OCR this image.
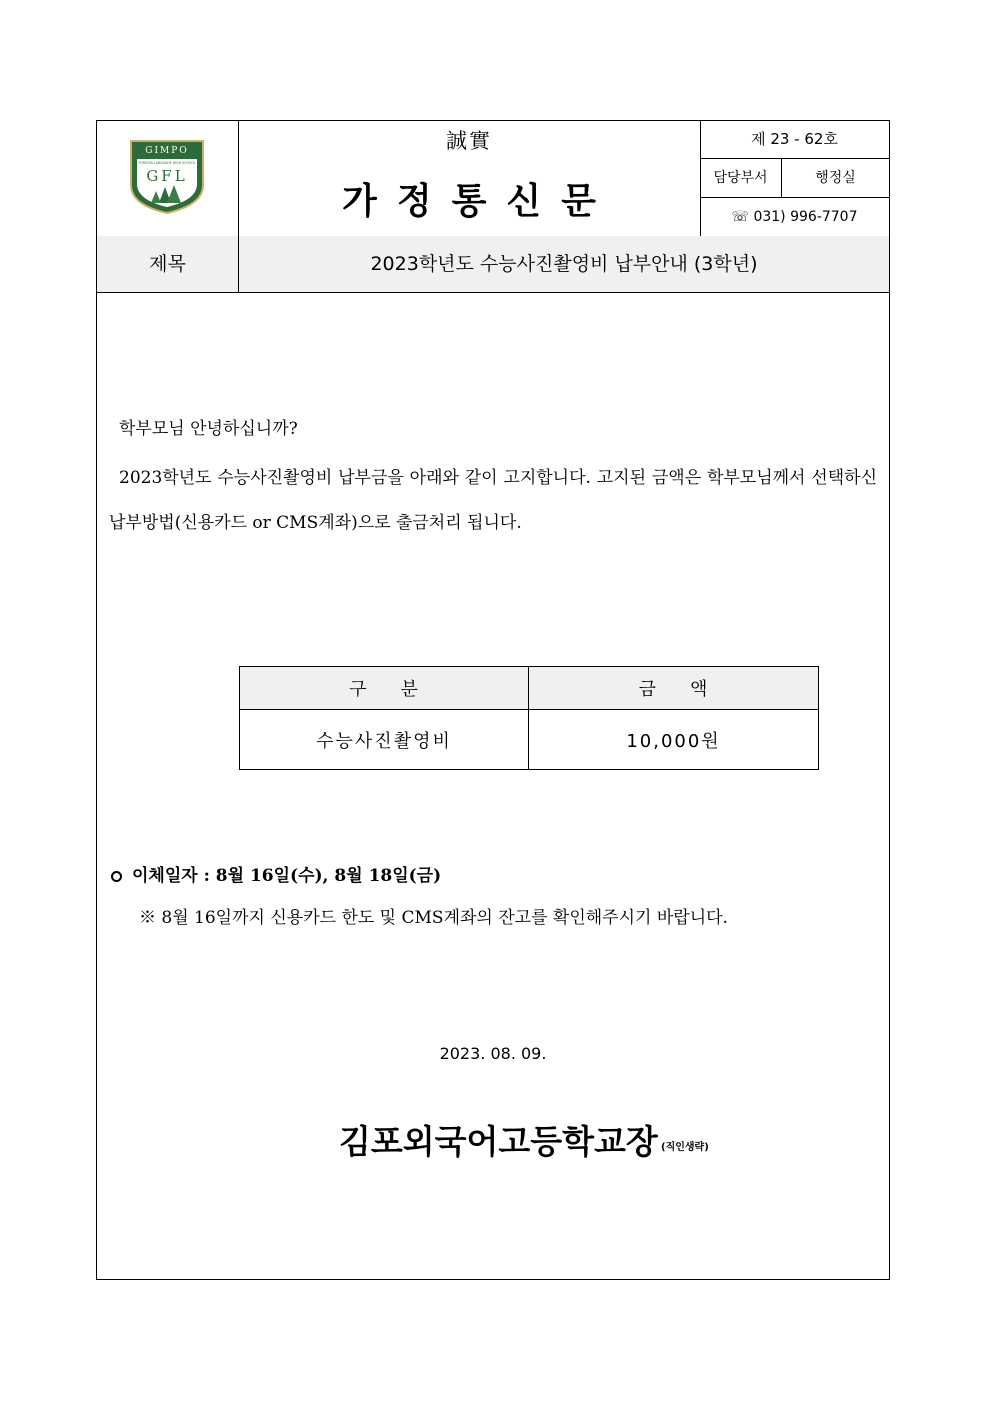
GIMPO
FOREIGN LANGUAGE HIGH SCHOOL
GFL
誠實
가정통신문
제 23 - 62호
담당부서	행정실
☏ 031) 996-7707
제목	2023학년도 수능사진촬영비 납부안내 (3학년)
학부모님 안녕하십니까?
2023학년도 수능사진촬영비 납부금을 아래와 같이 고지합니다. 고지된 금액은 학부모님께서 선택하신 납부방법(신용카드 or CMS계좌)으로 출금처리 됩니다.
구분	금액
수능사진촬영비	10,000원
이체일자 : 8월 16일(수), 8월 18일(금)
※ 8월 16일까지 신용카드 한도 및 CMS계좌의 잔고를 확인해주시기 바랍니다.
2023. 08. 09.
김포외국어고등학교장 (직인생략)
